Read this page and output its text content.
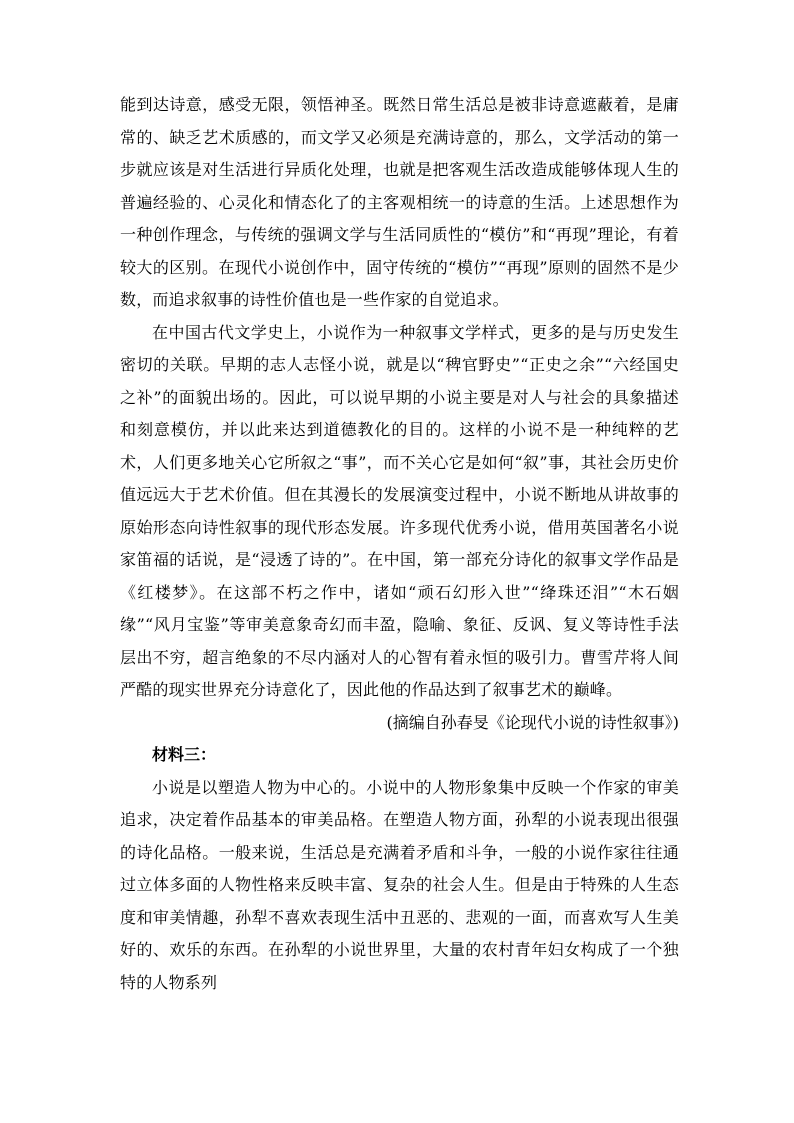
能到达诗意，感受无限，领悟神圣。既然日常生活总是被非诗意遮蔽着，是庸常的、缺乏艺术质感的，而文学又必须是充满诗意的，那么，文学活动的第一步就应该是对生活进行异质化处理，也就是把客观生活改造成能够体现人生的普遍经验的、心灵化和情态化了的主客观相统一的诗意的生活。上述思想作为一种创作理念，与传统的强调文学与生活同质性的“模仿”和“再现”理论，有着较大的区别。在现代小说创作中，固守传统的“模仿”“再现”原则的固然不是少数，而追求叙事的诗性价值也是一些作家的自觉追求。

在中国古代文学史上，小说作为一种叙事文学样式，更多的是与历史发生密切的关联。早期的志人志怪小说，就是以“稗官野史”“正史之余”“六经国史之补”的面貌出场的。因此，可以说早期的小说主要是对人与社会的具象描述和刻意模仿，并以此来达到道德教化的目的。这样的小说不是一种纯粹的艺术，人们更多地关心它所叙之“事”，而不关心它是如何“叙”事，其社会历史价值远远大于艺术价值。但在其漫长的发展演变过程中，小说不断地从讲故事的原始形态向诗性叙事的现代形态发展。许多现代优秀小说，借用英国著名小说家笛福的话说，是“浸透了诗的”。在中国，第一部充分诗化的叙事文学作品是《红楼梦》。在这部不朽之作中，诸如“顽石幻形入世”“绛珠还泪”“木石姻缘”“风月宝鉴”等审美意象奇幻而丰盈，隐喻、象征、反讽、复义等诗性手法层出不穷，超言绝象的不尽内涵对人的心智有着永恒的吸引力。曹雪芹将人间严酷的现实世界充分诗意化了，因此他的作品达到了叙事艺术的巅峰。

(摘编自孙春旻《论现代小说的诗性叙事》)

材料三：

小说是以塑造人物为中心的。小说中的人物形象集中反映一个作家的审美追求，决定着作品基本的审美品格。在塑造人物方面，孙犁的小说表现出很强的诗化品格。一般来说，生活总是充满着矛盾和斗争，一般的小说作家往往通过立体多面的人物性格来反映丰富、复杂的社会人生。但是由于特殊的人生态度和审美情趣，孙犁不喜欢表现生活中丑恶的、悲观的一面，而喜欢写人生美好的、欢乐的东西。在孙犁的小说世界里，大量的农村青年妇女构成了一个独特的人物系列
